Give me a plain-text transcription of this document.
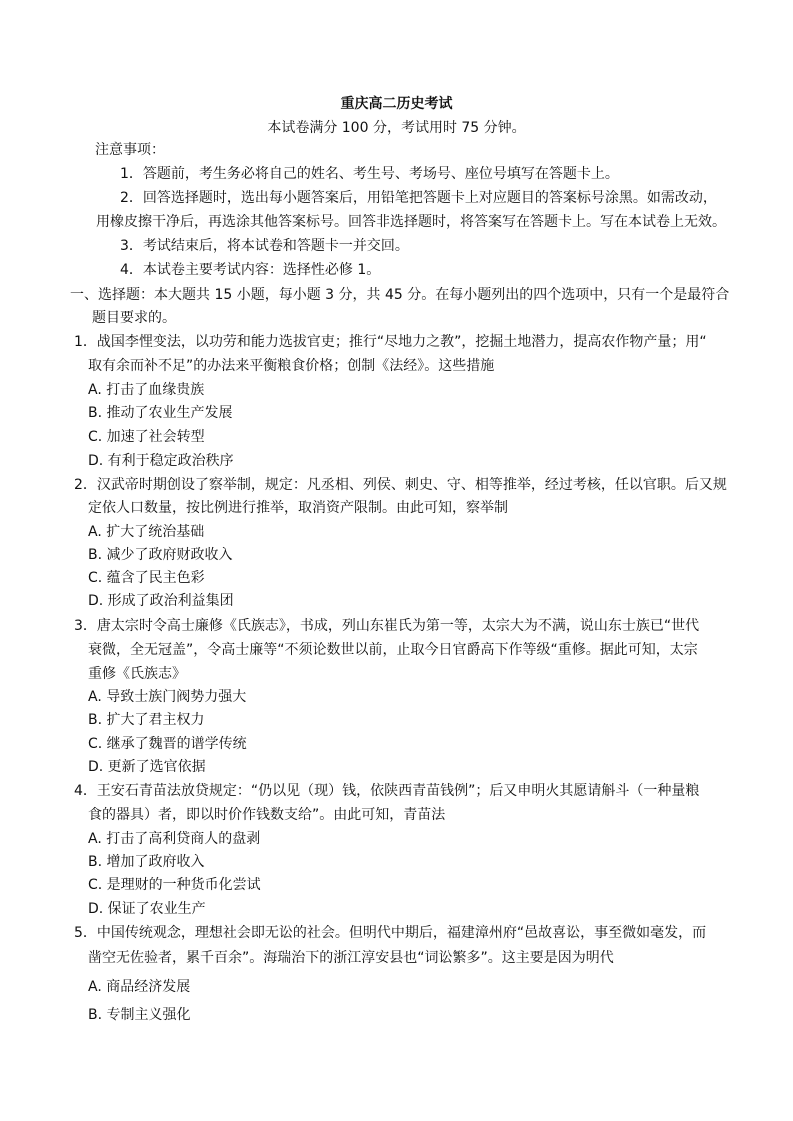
重庆高二历史考试
本试卷满分 100 分，考试用时 75 分钟。
注意事项：
1．答题前，考生务必将自己的姓名、考生号、考场号、座位号填写在答题卡上。
2．回答选择题时，选出每小题答案后，用铅笔把答题卡上对应题目的答案标号涂黑。如需改动，
用橡皮擦干净后，再选涂其他答案标号。回答非选择题时，将答案写在答题卡上。写在本试卷上无效。
3．考试结束后，将本试卷和答题卡一并交回。
4．本试卷主要考试内容：选择性必修 1。
一、选择题：本大题共 15 小题，每小题 3 分，共 45 分。在每小题列出的四个选项中，只有一个是最符合
题目要求的。
1．战国李悝变法，以功劳和能力选拔官吏；推行“尽地力之教”，挖掘土地潜力，提高农作物产量；用“
取有余而补不足”的办法来平衡粮食价格；创制《法经》。这些措施
A. 打击了血缘贵族
B. 推动了农业生产发展
C. 加速了社会转型
D. 有利于稳定政治秩序
2．汉武帝时期创设了察举制，规定：凡丞相、列侯、刺史、守、相等推举，经过考核，任以官职。后又规
定依人口数量，按比例进行推举，取消资产限制。由此可知，察举制
A. 扩大了统治基础
B. 减少了政府财政收入
C. 蕴含了民主色彩
D. 形成了政治利益集团
3．唐太宗时令高士廉修《氏族志》，书成，列山东崔氏为第一等，太宗大为不满，说山东士族已“世代
衰微，全无冠盖”，令高士廉等“不须论数世以前，止取今日官爵高下作等级“重修。据此可知，太宗
重修《氏族志》
A. 导致士族门阀势力强大
B. 扩大了君主权力
C. 继承了魏晋的谱学传统
D. 更新了选官依据
4．王安石青苗法放贷规定：“仍以见（现）钱，依陕西青苗钱例”；后又申明火其愿请斛斗（一种量粮
食的器具）者，即以时价作钱数支给”。由此可知，青苗法
A. 打击了高利贷商人的盘剥
B. 增加了政府收入
C. 是理财的一种货币化尝试
D. 保证了农业生产
5．中国传统观念，理想社会即无讼的社会。但明代中期后，福建漳州府“邑故喜讼，事至微如毫发，而
凿空无佐验者，累千百余”。海瑞治下的浙江淳安县也“词讼繁多”。这主要是因为明代
A. 商品经济发展
B. 专制主义强化
